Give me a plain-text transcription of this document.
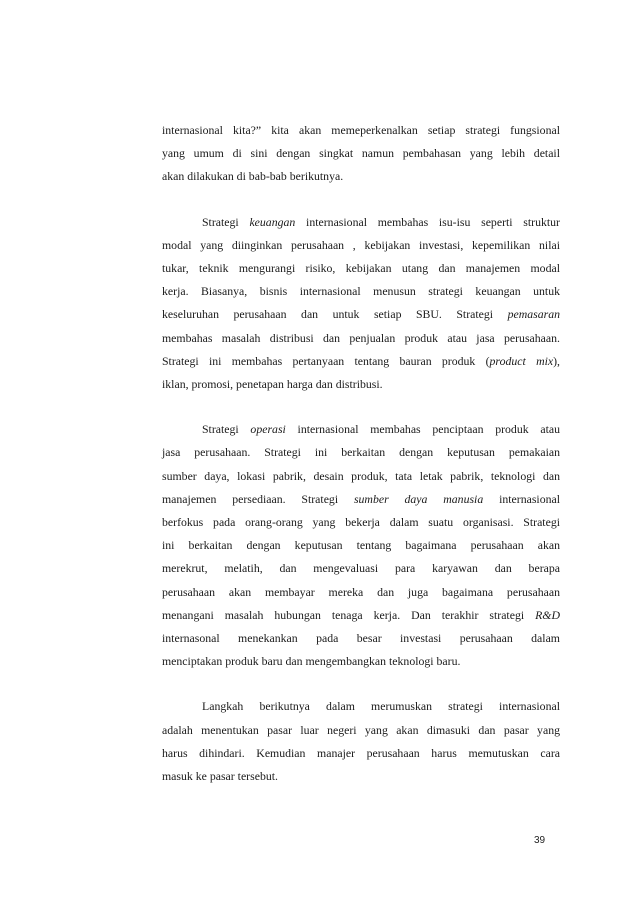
internasional kita?” kita akan memeperkenalkan setiap strategi fungsional
yang umum di sini dengan singkat namun pembahasan yang lebih detail
akan dilakukan di bab-bab berikutnya.
Strategi keuangan internasional membahas isu-isu seperti struktur
modal yang diinginkan perusahaan , kebijakan investasi, kepemilikan nilai
tukar, teknik mengurangi risiko, kebijakan utang dan manajemen modal
kerja. Biasanya, bisnis internasional menusun strategi keuangan untuk
keseluruhan perusahaan dan untuk setiap SBU. Strategi pemasaran
membahas masalah distribusi dan penjualan produk atau jasa perusahaan.
Strategi ini membahas pertanyaan tentang bauran produk (product mix),
iklan, promosi, penetapan harga dan distribusi.
Strategi operasi internasional membahas penciptaan produk atau
jasa perusahaan. Strategi ini berkaitan dengan keputusan pemakaian
sumber daya, lokasi pabrik, desain produk, tata letak pabrik, teknologi dan
manajemen persediaan. Strategi sumber daya manusia internasional
berfokus pada orang-orang yang bekerja dalam suatu organisasi. Strategi
ini berkaitan dengan keputusan tentang bagaimana perusahaan akan
merekrut, melatih, dan mengevaluasi para karyawan dan berapa
perusahaan akan membayar mereka dan juga bagaimana perusahaan
menangani masalah hubungan tenaga kerja. Dan terakhir strategi R&D
internasonal menekankan pada besar investasi perusahaan dalam
menciptakan produk baru dan mengembangkan teknologi baru.
Langkah berikutnya dalam merumuskan strategi internasional
adalah menentukan pasar luar negeri yang akan dimasuki dan pasar yang
harus dihindari. Kemudian manajer perusahaan harus memutuskan cara
masuk ke pasar tersebut.
39
